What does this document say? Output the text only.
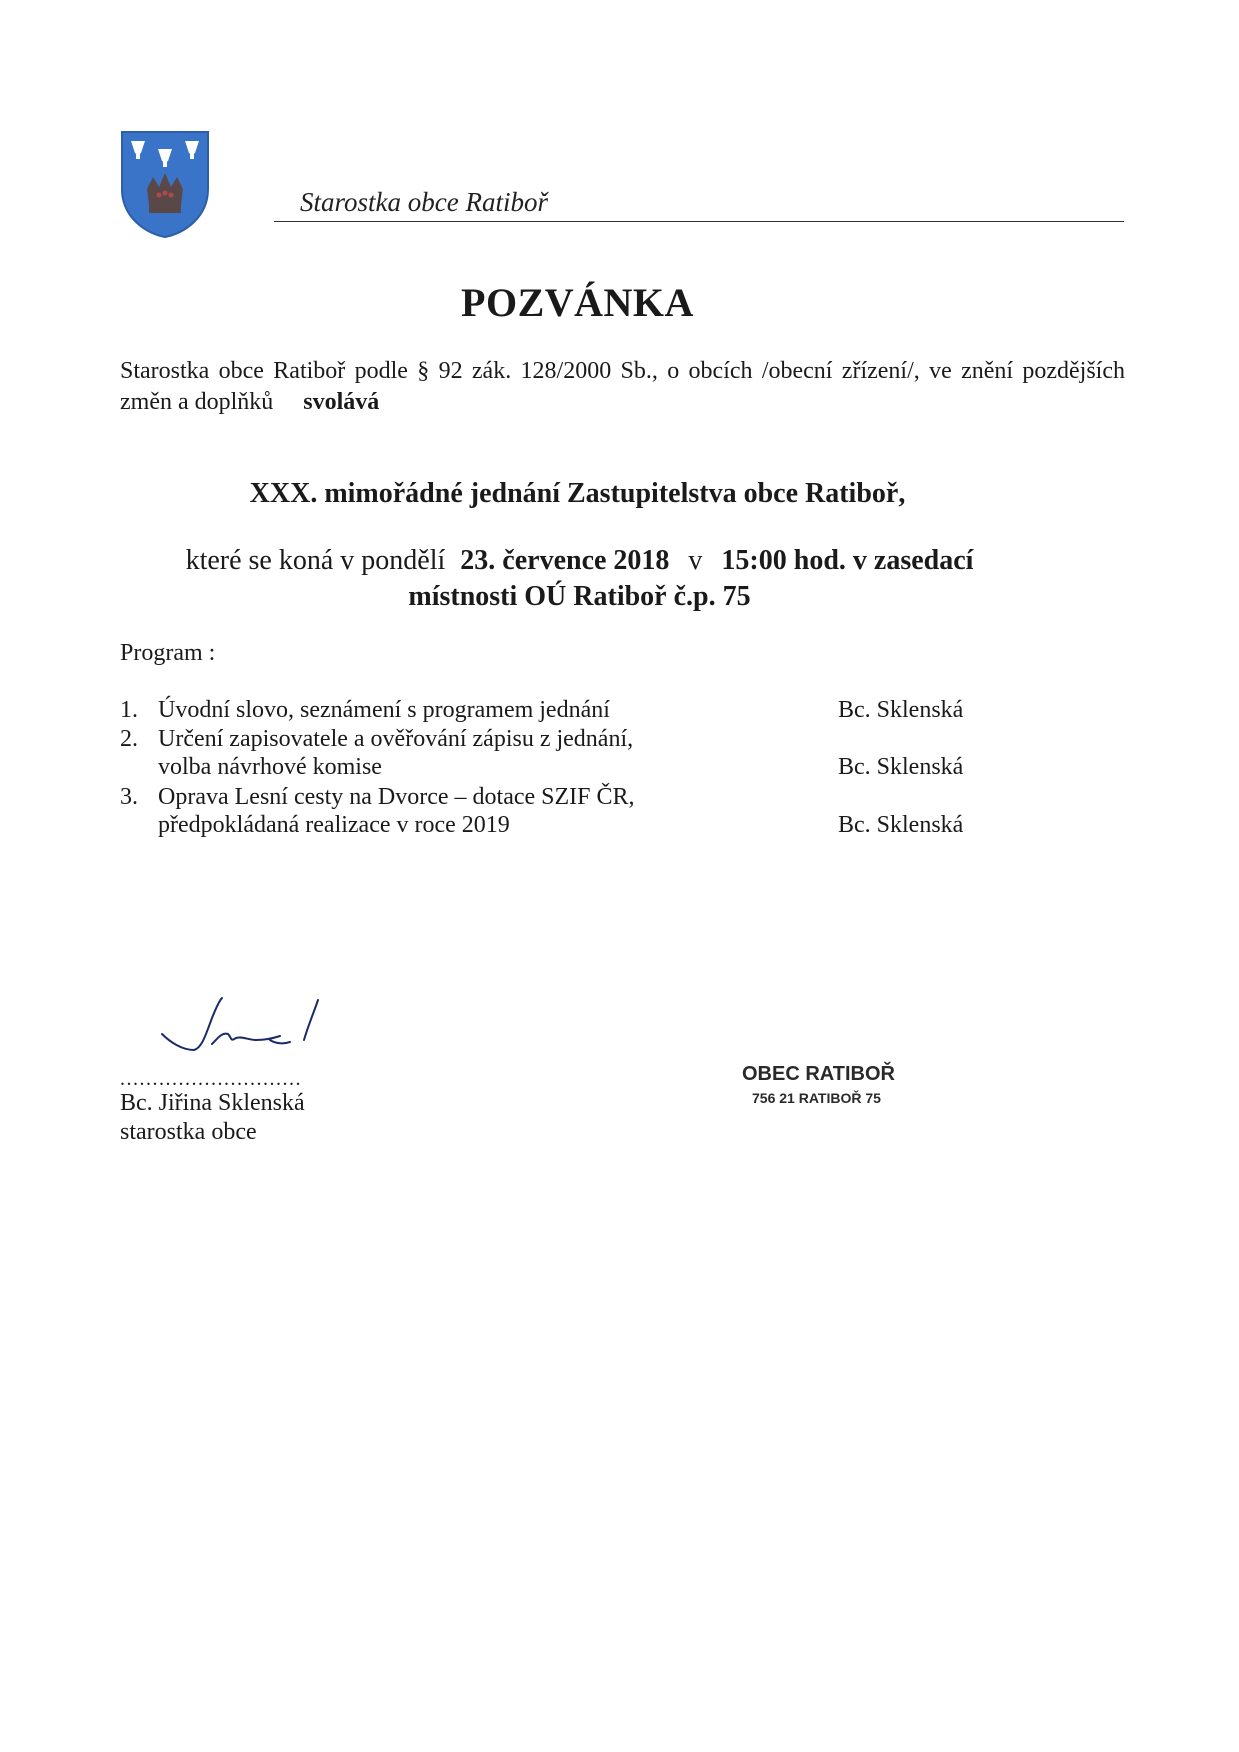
Starostka obce Ratiboř
POZVÁNKA
Starostka obce Ratiboř podle § 92 zák. 128/2000 Sb., o obcích /obecní zřízení/, ve znění pozdějších
změn a doplňků svolává
XXX. mimořádné jednání Zastupitelstva obce Ratiboř,
které se koná v pondělí 23. července 2018 v 15:00 hod. v zasedací
místnosti OÚ Ratiboř č.p. 75
Program :
1. Úvodní slovo, seznámení s programem jednání	Bc. Sklenská
2. Určení zapisovatele a ověřování zápisu z jednání,
volba návrhové komise	Bc. Sklenská
3. Oprava Lesní cesty na Dvorce – dotace SZIF ČR,
předpokládaná realizace v roce 2019	Bc. Sklenská
............................
Bc. Jiřina Sklenská
starostka obce
OBEC RATIBOŘ
756 21 RATIBOŘ 75
